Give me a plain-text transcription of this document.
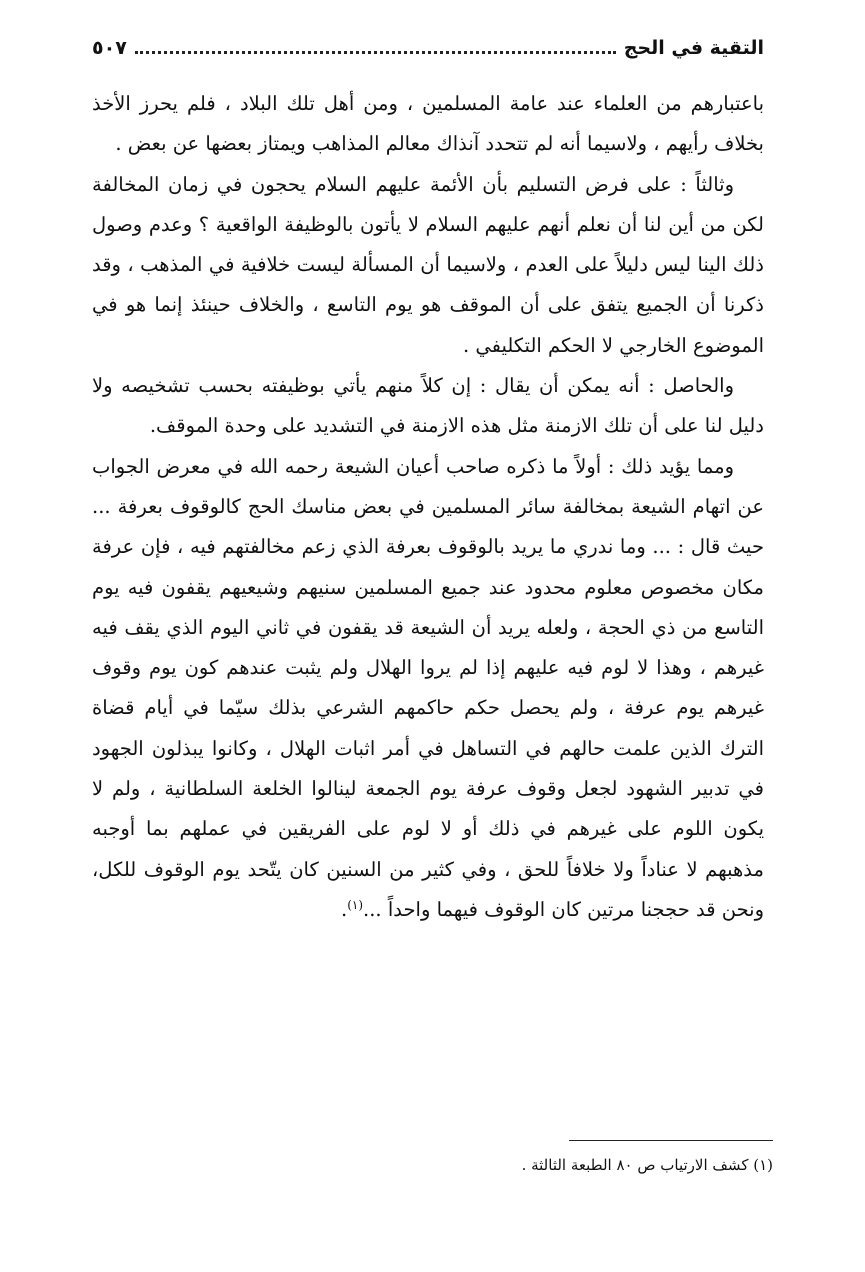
التقية في الحج
٥٠٧

باعتبارهم من العلماء عند عامة المسلمين ، ومن أهل تلك البلاد ، فلم يحرز الأخذ بخلاف رأيهم ، ولاسيما أنه لم تتحدد آنذاك معالم المذاهب ويمتاز بعضها عن بعض .

وثالثاً : على فرض التسليم بأن الأئمة عليهم السلام يحجون في زمان المخالفة لكن من أين لنا أن نعلم أنهم عليهم السلام لا يأتون بالوظيفة الواقعية ؟ وعدم وصول ذلك الينا ليس دليلاً على العدم ، ولاسيما أن المسألة ليست خلافية في المذهب ، وقد ذكرنا أن الجميع يتفق على أن الموقف هو يوم التاسع ، والخلاف حينئذ إنما هو في الموضوع الخارجي لا الحكم التكليفي .

والحاصل : أنه يمكن أن يقال : إن كلاً منهم يأتي بوظيفته بحسب تشخيصه ولا دليل لنا على أن تلك الازمنة مثل هذه الازمنة في التشديد على وحدة الموقف.

ومما يؤيد ذلك : أولاً ما ذكره صاحب أعيان الشيعة رحمه الله في معرض الجواب عن اتهام الشيعة بمخالفة سائر المسلمين في بعض مناسك الحج كالوقوف بعرفة ... حيث قال : ... وما ندري ما يريد بالوقوف بعرفة الذي زعم مخالفتهم فيه ، فإن عرفة مكان مخصوص معلوم محدود عند جميع المسلمين سنيهم وشيعيهم يقفون فيه يوم التاسع من ذي الحجة ، ولعله يريد أن الشيعة قد يقفون في ثاني اليوم الذي يقف فيه غيرهم ، وهذا لا لوم فيه عليهم إذا لم يروا الهلال ولم يثبت عندهم كون يوم وقوف غيرهم يوم عرفة ، ولم يحصل حكم حاكمهم الشرعي بذلك سيّما في أيام قضاة الترك الذين علمت حالهم في التساهل في أمر اثبات الهلال ، وكانوا يبذلون الجهود في تدبير الشهود لجعل وقوف عرفة يوم الجمعة لينالوا الخلعة السلطانية ، ولم لا يكون اللوم على غيرهم في ذلك أو لا لوم على الفريقين في عملهم بما أوجبه مذهبهم لا عناداً ولا خلافاً للحق ، وفي كثير من السنين كان يتّحد يوم الوقوف للكل، ونحن قد حججنا مرتين كان الوقوف فيهما واحداً ...$^{(١)}$.

(١) كشف الارتياب ص ٨٠ الطبعة الثالثة .
